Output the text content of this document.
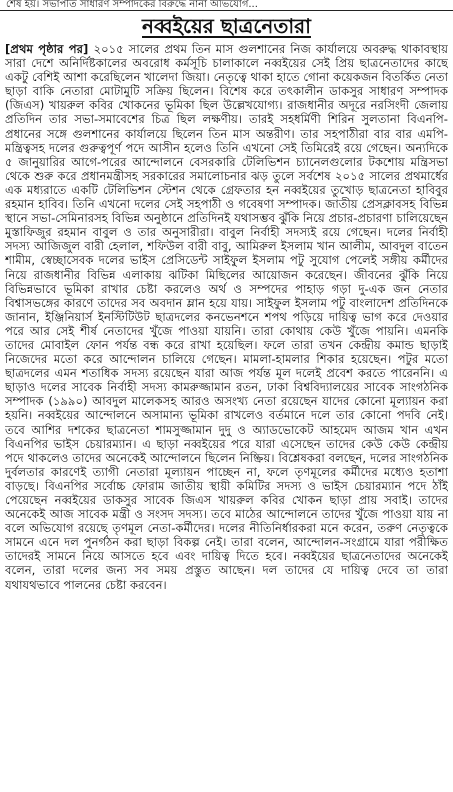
শেষ হয়। সভাপতি সাধারণ সম্পাদকের বিরুদ্ধে নানা অভিযোগ...
নব্বইয়ের ছাত্রনেতারা
[প্রথম পৃষ্ঠার পর] ২০১৫ সালের প্রথম তিন মাস গুলশানের নিজ কার্যালয়ে অবরুদ্ধ থাকাবস্থায় সারা দেশে অনির্দিষ্টকালের অবরোধ কর্মসূচি চালাকালে নব্বইয়ের সেই প্রিয় ছাত্রনেতাদের কাছে একটু বেশিই আশা করেছিলেন খালেদা জিয়া। নেতৃত্বে থাকা হাতে গোনা কয়েকজন বিতর্কিত নেতা ছাড়া বাকি নেতারা মোটামুটি সক্রিয় ছিলেন। বিশেষ করে তৎকালীন ডাকসুর সাধারণ সম্পাদক (জিএস) খায়রুল কবির খোকনের ভূমিকা ছিল উল্লেখযোগ্য। রাজধানীর অদূরে নরসিংদী জেলায় প্রতিদিন তার সভা-সমাবেশের চিত্র ছিল লক্ষণীয়। তারই সহধর্মিণী শিরিন সুলতানা বিএনপি-প্রধানের সঙ্গে গুলশানের কার্যালয়ে ছিলেন তিন মাস অন্তরীণ। তার সহপাঠীরা বার বার এমপি-মন্ত্রিত্বসহ দলের গুরুত্বপূর্ণ পদে আসীন হলেও তিনি এখনো সেই তিমিরেই রয়ে গেছেন। অন্যদিকে ৫ জানুয়ারির আগে-পরের আন্দোলনে বেসরকারি টেলিভিশন চ্যানেলগুলোর টকশোয় মন্ত্রিসভা থেকে শুরু করে প্রধানমন্ত্রীসহ সরকারের সমালোচনার ঝড় তুলে সর্বশেষ ২০১৫ সালের প্রথমার্ধের এক মধ্যরাতে একটি টেলিভিশন স্টেশন থেকে গ্রেফতার হন নব্বইয়ের তুখোড় ছাত্রনেতা হাবিবুর রহমান হাবিব। তিনি এখনো দলের সেই সহপাঠী ও গবেষণা সম্পাদক। জাতীয় প্রেসক্লাবসহ বিভিন্ন স্থানে সভা-সেমিনারসহ বিভিন্ন অনুষ্ঠানে প্রতিদিনই যথাসম্ভব ঝুঁকি নিয়ে প্রচার-প্রচারণা চালিয়েছেন মুস্তাফিজুর রহমান বাবুল ও তার অনুসারীরা। বাবুল নির্বাহী সদস্যই রয়ে গেছেন। দলের নির্বাহী সদস্য আজিজুল বারী হেলাল, শফিউল বারী বাবু, আমিরুল ইসলাম খান আলীম, আবদুল বাতেন শামীম, স্বেচ্ছাসেবক দলের ভাইস প্রেসিডেন্ট সাইফুল ইসলাম পটু সুযোগ পেলেই সঙ্গীয় কর্মীদের নিয়ে রাজধানীর বিভিন্ন এলাকায় ঝটিকা মিছিলের আয়োজন করেছেন। জীবনের ঝুঁকি নিয়ে বিভিন্নভাবে ভূমিকা রাখার চেষ্টা করলেও অর্থ ও সম্পদের পাহাড় গড়া দু-এক জন নেতার বিশ্বাসভঙ্গের কারণে তাদের সব অবদান ম্লান হয়ে যায়। সাইফুল ইসলাম পটু বাংলাদেশ প্রতিদিনকে জানান, ইঞ্জিনিয়ার্স ইনস্টিটিউট ছাত্রদলের কনভেনশনে শপথ পড়িয়ে দায়িত্ব ভাগ করে দেওয়ার পরে আর সেই শীর্ষ নেতাদের খুঁজে পাওয়া যায়নি। তারা কোথায় কেউ খুঁজে পায়নি। এমনকি তাদের মোবাইল ফোন পর্যন্ত বন্ধ করে রাখা হয়েছিল। ফলে তারা তখন কেন্দ্রীয় কমান্ড ছাড়াই নিজেদের মতো করে আন্দোলন চালিয়ে গেছেন। মামলা-হামলার শিকার হয়েছেন। পটুর মতো ছাত্রদলের এমন শতাধিক সদস্য রয়েছেন যারা আজ পর্যন্ত মূল দলেই প্রবেশ করতে পারেননি। এ ছাড়াও দলের সাবেক নির্বাহী সদস্য কামরুজ্জামান রতন, ঢাকা বিশ্ববিদ্যালয়ের সাবেক সাংগঠনিক সম্পাদক (১৯৯০) আবদুল মালেকসহ আরও অসংখ্য নেতা রয়েছেন যাদের কোনো মূল্যায়ন করা হয়নি। নব্বইয়ের আন্দোলনে অসামান্য ভূমিকা রাখলেও বর্তমানে দলে তার কোনো পদবি নেই। তবে আশির দশকের ছাত্রনেতা শামসুজ্জামান দুদু ও অ্যাডভোকেট আহমেদ আজম খান এখন বিএনপির ভাইস চেয়ারম্যান। এ ছাড়া নব্বইয়ের পরে যারা এসেছেন তাদের কেউ কেউ কেন্দ্রীয় পদে থাকলেও তাদের অনেকেই আন্দোলনে ছিলেন নিষ্ক্রিয়। বিশ্লেষকরা বলছেন, দলের সাংগঠনিক দুর্বলতার কারণেই ত্যাগী নেতারা মূল্যায়ন পাচ্ছেন না, ফলে তৃণমূলের কর্মীদের মধ্যেও হতাশা বাড়ছে। বিএনপির সর্বোচ্চ ফোরাম জাতীয় স্থায়ী কমিটির সদস্য ও ভাইস চেয়ারম্যান পদে ঠাঁই পেয়েছেন নব্বইয়ের ডাকসুর সাবেক জিএস খায়রুল কবির খোকন ছাড়া প্রায় সবাই। তাদের অনেকেই আজ সাবেক মন্ত্রী ও সংসদ সদস্য। তবে মাঠের আন্দোলনে তাদের খুঁজে পাওয়া যায় না বলে অভিযোগ রয়েছে তৃণমূল নেতা-কর্মীদের। দলের নীতিনির্ধারকরা মনে করেন, তরুণ নেতৃত্বকে সামনে এনে দল পুনর্গঠন করা ছাড়া বিকল্প নেই। তারা বলেন, আন্দোলন-সংগ্রামে যারা পরীক্ষিত তাদেরই সামনে নিয়ে আসতে হবে এবং দায়িত্ব দিতে হবে। নব্বইয়ের ছাত্রনেতাদের অনেকেই বলেন, তারা দলের জন্য সব সময় প্রস্তুত আছেন। দল তাদের যে দায়িত্ব দেবে তা তারা যথাযথভাবে পালনের চেষ্টা করবেন।
